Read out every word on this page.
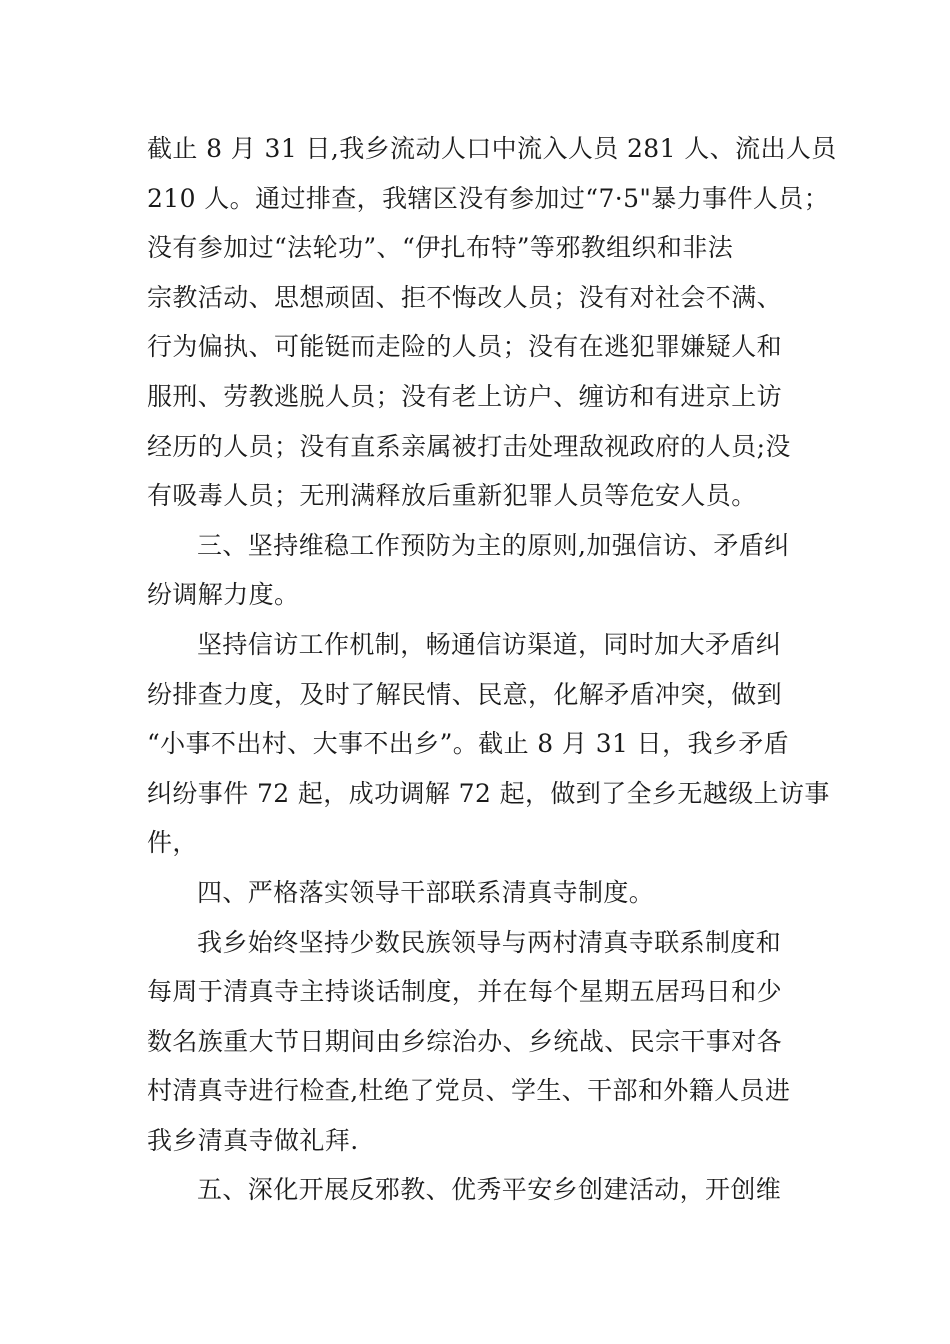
截止 8 月 31 日,我乡流动人口中流入人员 281 人、流出人员
210 人。通过排查，我辖区没有参加过“7·5"暴力事件人员；
没有参加过“法轮功”、“伊扎布特”等邪教组织和非法
宗教活动、思想顽固、拒不悔改人员；没有对社会不满、
行为偏执、可能铤而走险的人员；没有在逃犯罪嫌疑人和
服刑、劳教逃脱人员；没有老上访户、缠访和有进京上访
经历的人员；没有直系亲属被打击处理敌视政府的人员;没
有吸毒人员；无刑满释放后重新犯罪人员等危安人员。
三、坚持维稳工作预防为主的原则,加强信访、矛盾纠
纷调解力度。
坚持信访工作机制，畅通信访渠道，同时加大矛盾纠
纷排查力度，及时了解民情、民意，化解矛盾冲突，做到
“小事不出村、大事不出乡”。截止 8 月 31 日，我乡矛盾
纠纷事件 72 起，成功调解 72 起，做到了全乡无越级上访事
件，
四、严格落实领导干部联系清真寺制度。
我乡始终坚持少数民族领导与两村清真寺联系制度和
每周于清真寺主持谈话制度，并在每个星期五居玛日和少
数名族重大节日期间由乡综治办、乡统战、民宗干事对各
村清真寺进行检查,杜绝了党员、学生、干部和外籍人员进
我乡清真寺做礼拜.
五、深化开展反邪教、优秀平安乡创建活动，开创维
